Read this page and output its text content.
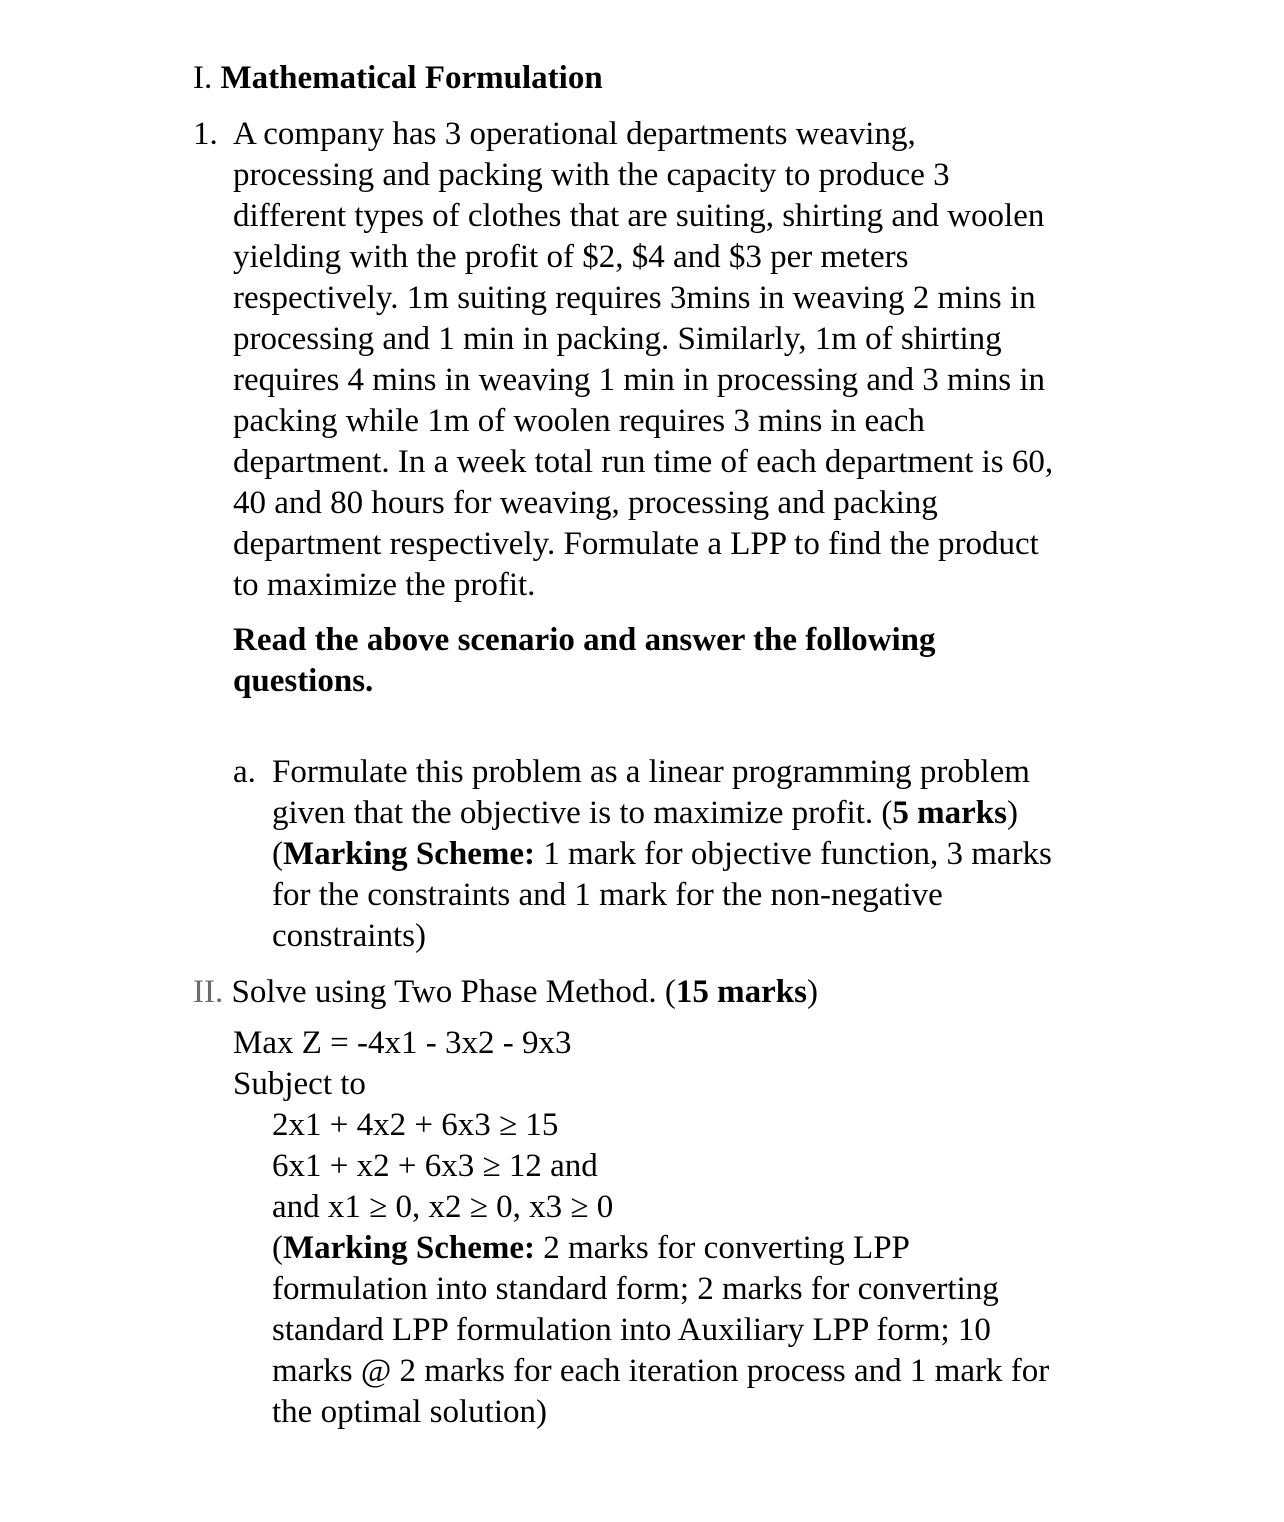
I. Mathematical Formulation
1. A company has 3 operational departments weaving,
processing and packing with the capacity to produce 3
different types of clothes that are suiting, shirting and woolen
yielding with the profit of $2, $4 and $3 per meters
respectively. 1m suiting requires 3mins in weaving 2 mins in
processing and 1 min in packing. Similarly, 1m of shirting
requires 4 mins in weaving 1 min in processing and 3 mins in
packing while 1m of woolen requires 3 mins in each
department. In a week total run time of each department is 60,
40 and 80 hours for weaving, processing and packing
department respectively. Formulate a LPP to find the product
to maximize the profit.
Read the above scenario and answer the following
questions.
a. Formulate this problem as a linear programming problem
given that the objective is to maximize profit. (5 marks)
(Marking Scheme: 1 mark for objective function, 3 marks
for the constraints and 1 mark for the non-negative
constraints)
II. Solve using Two Phase Method. (15 marks)
Max Z = -4x1 - 3x2 - 9x3
Subject to
2x1 + 4x2 + 6x3 ≥ 15
6x1 + x2 + 6x3 ≥ 12 and
and x1 ≥ 0, x2 ≥ 0, x3 ≥ 0
(Marking Scheme: 2 marks for converting LPP
formulation into standard form; 2 marks for converting
standard LPP formulation into Auxiliary LPP form; 10
marks @ 2 marks for each iteration process and 1 mark for
the optimal solution)
